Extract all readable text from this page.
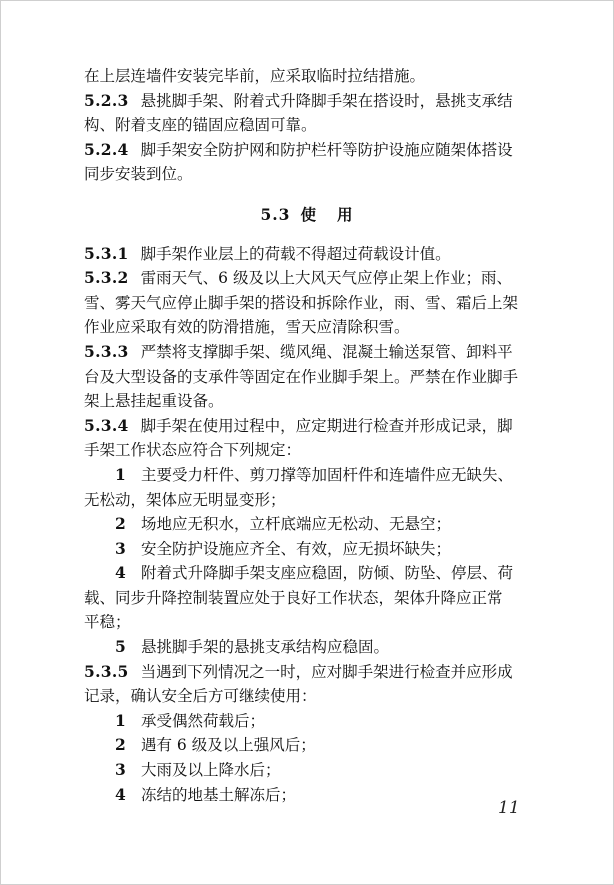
在上层连墙件安装完毕前，应采取临时拉结措施。
5.2.3 悬挑脚手架、附着式升降脚手架在搭设时，悬挑支承结
构、附着支座的锚固应稳固可靠。
5.2.4 脚手架安全防护网和防护栏杆等防护设施应随架体搭设
同步安装到位。
5.3 使 用
5.3.1 脚手架作业层上的荷载不得超过荷载设计值。
5.3.2 雷雨天气、6 级及以上大风天气应停止架上作业；雨、
雪、雾天气应停止脚手架的搭设和拆除作业，雨、雪、霜后上架
作业应采取有效的防滑措施，雪天应清除积雪。
5.3.3 严禁将支撑脚手架、缆风绳、混凝土输送泵管、卸料平
台及大型设备的支承件等固定在作业脚手架上。严禁在作业脚手
架上悬挂起重设备。
5.3.4 脚手架在使用过程中，应定期进行检查并形成记录，脚
手架工作状态应符合下列规定：
1 主要受力杆件、剪刀撑等加固杆件和连墙件应无缺失、
无松动，架体应无明显变形；
2 场地应无积水，立杆底端应无松动、无悬空；
3 安全防护设施应齐全、有效，应无损坏缺失；
4 附着式升降脚手架支座应稳固，防倾、防坠、停层、荷
载、同步升降控制装置应处于良好工作状态，架体升降应正常
平稳；
5 悬挑脚手架的悬挑支承结构应稳固。
5.3.5 当遇到下列情况之一时，应对脚手架进行检查并应形成
记录，确认安全后方可继续使用：
1 承受偶然荷载后；
2 遇有 6 级及以上强风后；
3 大雨及以上降水后；
4 冻结的地基土解冻后；
11
